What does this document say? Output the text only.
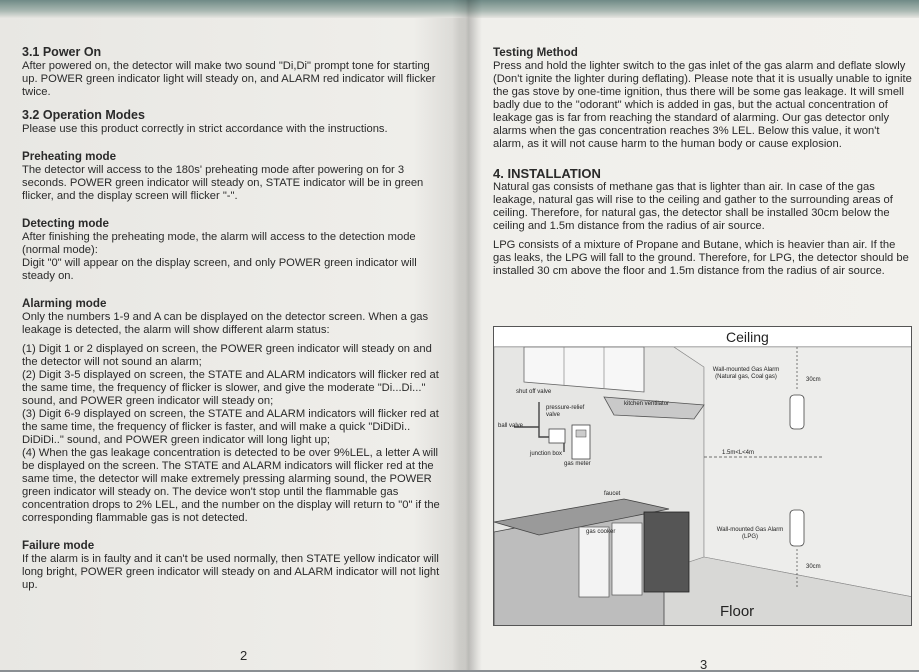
3.1 Power On

After powered on, the detector will make two sound "Di,Di" prompt tone for starting up. POWER green indicator light will steady on, and ALARM red indicator will flicker twice.

3.2 Operation Modes

Please use this product correctly in strict accordance with the instructions.

Preheating mode

The detector will access to the 180s' preheating mode after powering on for 3 seconds. POWER green indicator will steady on, STATE indicator will be in green flicker, and the display screen will flicker "-".

Detecting mode

After finishing the preheating mode, the alarm will access to the detection mode (normal mode):

Digit "0" will appear on the display screen, and only POWER green indicator will steady on.

Alarming mode

Only the numbers 1-9 and A can be displayed on the detector screen. When a gas leakage is detected, the alarm will show different alarm status:

(1) Digit 1 or 2 displayed on screen, the POWER green indicator will steady on and the detector will not sound an alarm;

(2) Digit 3-5 displayed on screen, the STATE and ALARM indicators will flicker red at the same time, the frequency of flicker is slower, and give the moderate "Di...Di..." sound, and POWER green indicator will steady on;

(3) Digit 6-9 displayed on screen, the STATE and ALARM indicators will flicker red at the same time, the frequency of flicker is faster, and will make a quick "DiDiDi.. DiDiDi.." sound, and POWER green indicator will long light up;

(4) When the gas leakage concentration is detected to be over 9%LEL, a letter A will be displayed on the screen. The STATE and ALARM indicators will flicker red at the same time, the detector will make extremely pressing alarming sound, the POWER green indicator will steady on. The device won't stop until the flammable gas concentration drops to 2% LEL, and the number on the display will return to "0" if the corresponding flammable gas is not detected.

Failure mode

If the alarm is in faulty and it can't be used normally, then STATE yellow indicator will long bright, POWER green indicator will steady on and ALARM indicator will not light up.

2
Testing Method

Press and hold the lighter switch to the gas inlet of the gas alarm and deflate slowly (Don't ignite the lighter during deflating). Please note that it is usually unable to ignite the gas stove by one-time ignition, thus there will be some gas leakage. It will smell badly due to the "odorant" which is added in gas, but the actual concentration of leakage gas is far from reaching the standard of alarming. Our gas detector only alarms when the gas concentration reaches 3% LEL. Below this value, it won't alarm, as it will not cause harm to the human body or cause explosion.

4. INSTALLATION

Natural gas consists of methane gas that is lighter than air. In case of the gas leakage, natural gas will rise to the ceiling and gather to the surrounding areas of ceiling. Therefore, for natural gas, the detector shall be installed 30cm below the ceiling and 1.5m distance from the radius of air source.

LPG consists of a mixture of Propane and Butane, which is heavier than air. If the gas leaks, the LPG will fall to the ground. Therefore, for LPG, the detector should be installed 30 cm above the floor and 1.5m distance from the radius of air source.

Ceiling
Floor
shut off valve
pressure-relief valve
kitchen ventilator
ball valve
junction box
gas meter
faucet
gas cooker
Wall-mounted Gas Alarm (Natural gas, Coal gas)
Wall-mounted Gas Alarm (LPG)
30cm
30cm
1.5m<L<4m
3
